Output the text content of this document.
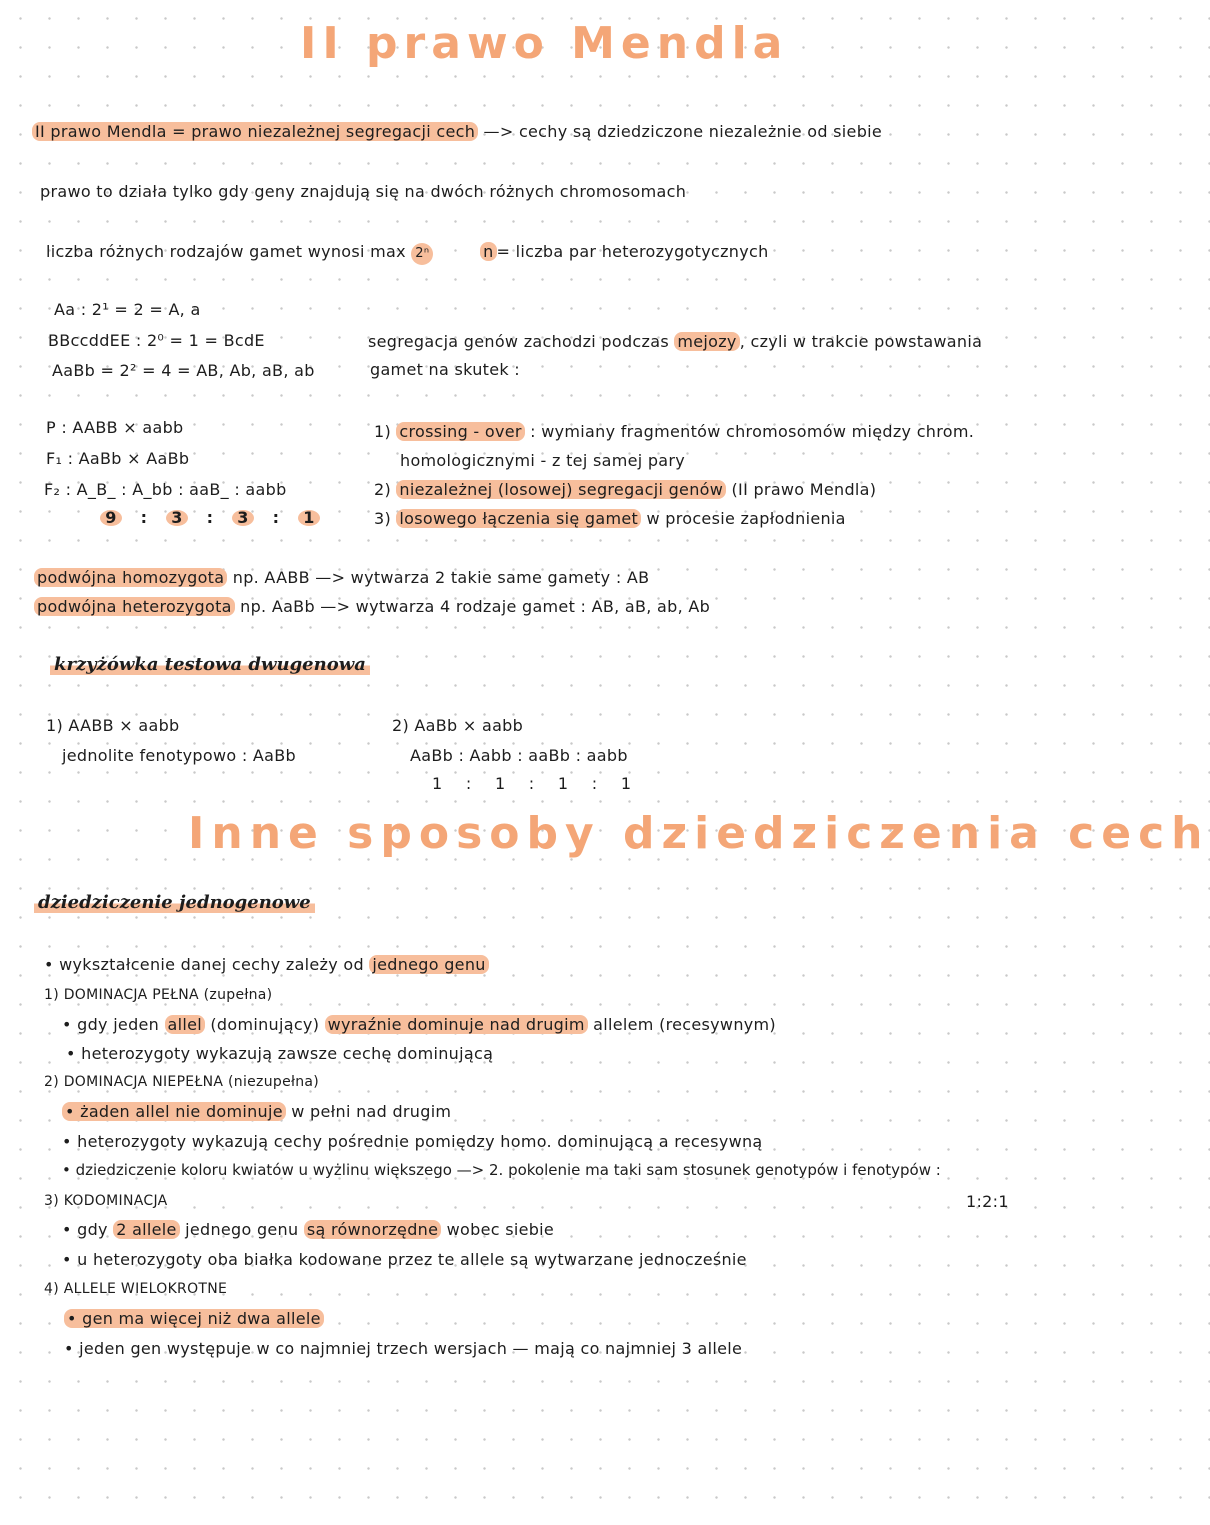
II prawo Mendla
II prawo Mendla = prawo niezależnej segregacji cech —> cechy są dziedziczone niezależnie od siebie
prawo to działa tylko gdy geny znajdują się na dwóch różnych chromosomach
liczba różnych rodzajów gamet wynosi max 2ⁿ	n = liczba par heterozygotycznych
Aa : 2¹ = 2 = A, a
BBccddEE : 2⁰ = 1 = BcdE
AaBb = 2² = 4 = AB, Ab, aB, ab
segregacja genów zachodzi podczas mejozy , czyli w trakcie powstawania
gamet na skutek :
P : AABB × aabb
F₁ : AaBb × AaBb
F₂ : A_B_ : A_bb : aaB_ : aabb
9	:	3	:	3	:	1
1) crossing - over : wymiany fragmentów chromosomów między chrom.
homologicznymi - z tej samej pary
2) niezależnej (losowej) segregacji genów (II prawo Mendla)
3) losowego łączenia się gamet w procesie zapłodnienia
podwójna homozygota np. AABB —> wytwarza 2 takie same gamety : AB
podwójna heterozygota np. AaBb —> wytwarza 4 rodzaje gamet : AB, aB, ab, Ab
krzyżówka testowa dwugenowa
1) AABB × aabb
jednolite fenotypowo : AaBb
2) AaBb × aabb
AaBb : Aabb : aaBb : aabb
1 : 1 : 1 : 1
Inne sposoby dziedziczenia cech
dziedziczenie jednogenowe
• wykształcenie danej cechy zależy od jednego genu
1) DOMINACJA PEŁNA (zupełna)
• gdy jeden allel (dominujący) wyraźnie dominuje nad drugim allelem (recesywnym)
• heterozygoty wykazują zawsze cechę dominującą
2) DOMINACJA NIEPEŁNA (niezupełna)
• żaden allel nie dominuje w pełni nad drugim
• heterozygoty wykazują cechy pośrednie pomiędzy homo. dominującą a recesywną
• dziedziczenie koloru kwiatów u wyżlinu większego —> 2. pokolenie ma taki sam stosunek genotypów i fenotypów :
1:2:1
3) KODOMINACJA
• gdy 2 allele jednego genu są równorzędne wobec siebie
• u heterozygoty oba białka kodowane przez te allele są wytwarzane jednocześnie
4) ALLELE WIELOKROTNE
• gen ma więcej niż dwa allele
• jeden gen występuje w co najmniej trzech wersjach — mają co najmniej 3 allele
